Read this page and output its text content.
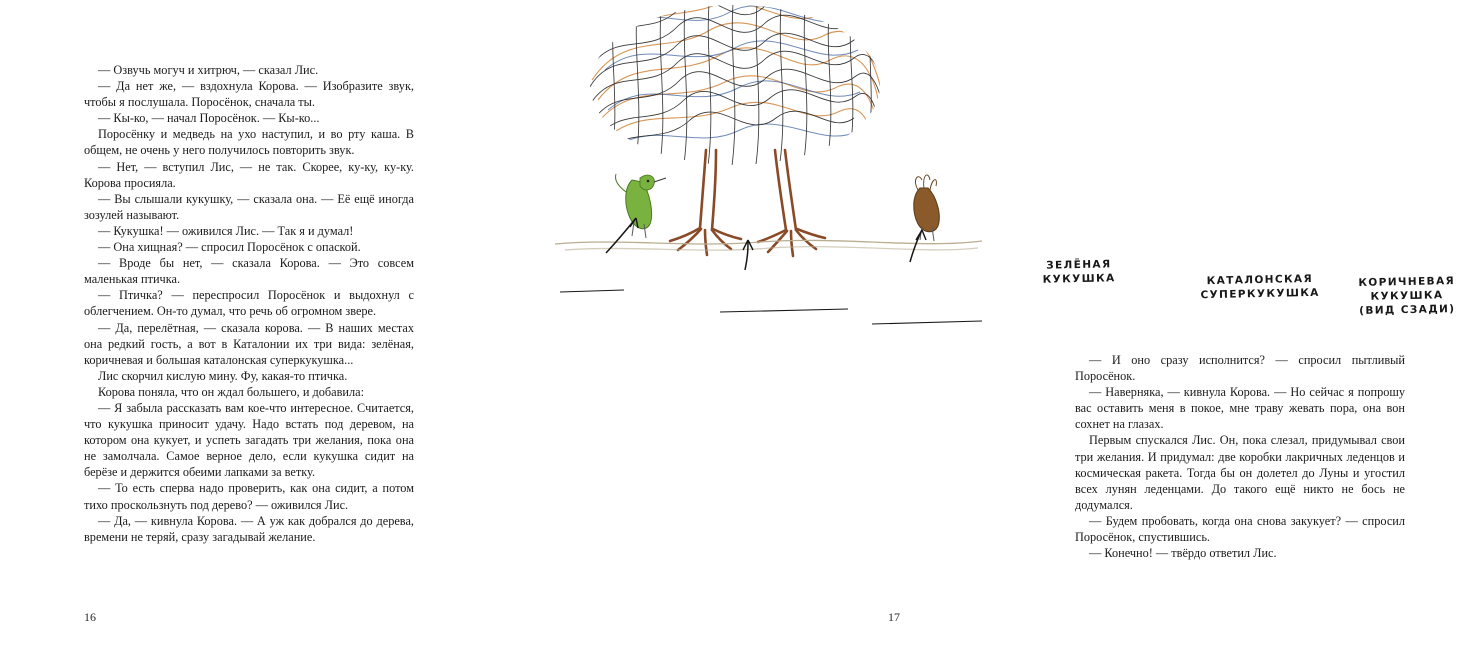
— Озвучь могуч и хитрюч, — сказал Лис.

— Да нет же, — вздохнула Корова. — Изобразите звук, чтобы я послушала. Поросёнок, сначала ты.

— Кы-ко, — начал Поросёнок. — Кы-ко...

Поросёнку и медведь на ухо наступил, и во рту каша. В общем, не очень у него получилось повторить звук.

— Нет, — вступил Лис, — не так. Скорее, ку-ку, ку-ку. Корова просияла.

— Вы слышали кукушку, — сказала она. — Её ещё иногда зозулей называют.

— Кукушка! — оживился Лис. — Так я и думал!

— Она хищная? — спросил Поросёнок с опаской.

— Вроде бы нет, — сказала Корова. — Это совсем маленькая птичка.

— Птичка? — переспросил Поросёнок и выдохнул с облегчением. Он-то думал, что речь об огромном звере.

— Да, перелётная, — сказала корова. — В наших местах она редкий гость, а вот в Каталонии их три вида: зелёная, коричневая и большая каталонская суперкукушка...

Лис скорчил кислую мину. Фу, какая-то птичка.

Корова поняла, что он ждал большего, и добавила:

— Я забыла рассказать вам кое-что интересное. Считается, что кукушка приносит удачу. Надо встать под деревом, на котором она кукует, и успеть загадать три желания, пока она не замолчала. Самое верное дело, если кукушка сидит на берёзе и держится обеими лапками за ветку.

— То есть сперва надо проверить, как она сидит, а потом тихо проскользнуть под дерево? — оживился Лис.

— Да, — кивнула Корова. — А уж как добрался до дерева, времени не теряй, сразу загадывай желание.

16
ЗЕЛЁНАЯ
КУКУШКА	КАТАЛОНСКАЯ
СУПЕРКУКУШКА
КОРИЧНЕВАЯ
КУКУШКА
(ВИД СЗАДИ)

— И оно сразу исполнится? — спросил пытливый Поросёнок.

— Наверняка, — кивнула Корова. — Но сейчас я попрошу вас оставить меня в покое, мне траву жевать пора, она вон сохнет на глазах.

Первым спускался Лис. Он, пока слезал, придумывал свои три желания. И придумал: две коробки лакричных леденцов и космическая ракета. Тогда бы он долетел до Луны и угостил всех лунян леденцами. До такого ещё никто не бось не додумался.

— Будем пробовать, когда она снова закукует? — спросил Поросёнок, спустившись.

— Конечно! — твёрдо ответил Лис.

17
